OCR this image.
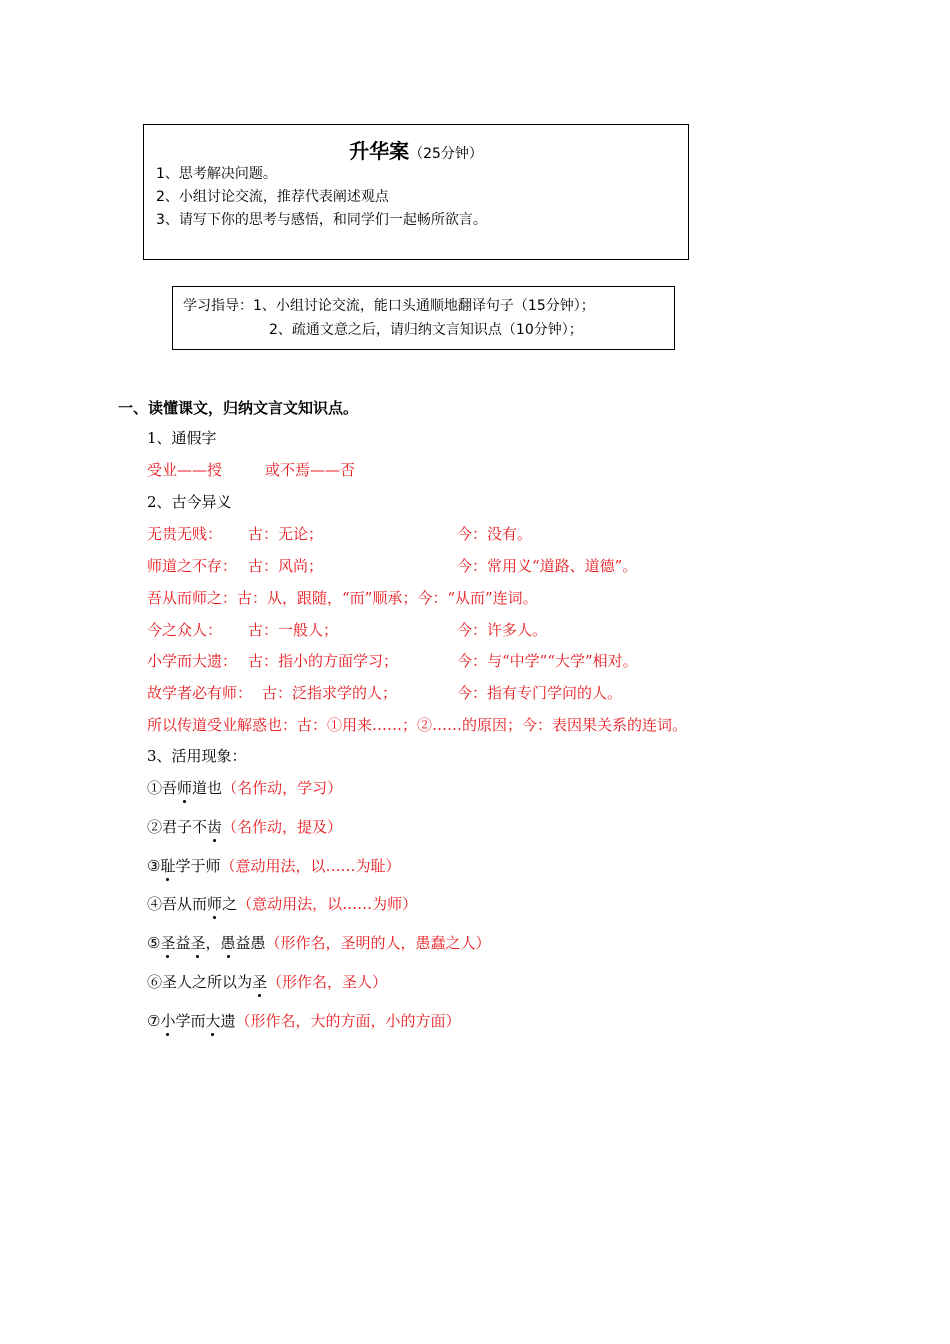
升华案（25分钟）
1、思考解决问题。
2、小组讨论交流，推荐代表阐述观点
3、请写下你的思考与感悟，和同学们一起畅所欲言。
学习指导：1、小组讨论交流，能口头通顺地翻译句子（15分钟）；
2、疏通文意之后，请归纳文言知识点（10分钟）；
一、读懂课文，归纳文言文知识点。
1、通假字
受业——授	或不焉——否
2、古今异义
无贵无贱： 古：无论；	今：没有。
师道之不存： 古：风尚；	今：常用义“道路、道德”。
吾从而师之：古：从，跟随，“而”顺承；今：“从而”连词。
今之众人： 古：一般人；	今：许多人。
小学而大遗： 古：指小的方面学习；	今：与“中学”“大学”相对。
故学者必有师： 古：泛指求学的人；	今：指有专门学问的人。
所以传道受业解惑也：古：①用来……；②……的原因；今：表因果关系的连词。
3、活用现象：
①吾师道也（名作动，学习）
②君子不齿（名作动，提及）
③耻学于师（意动用法，以……为耻）
④吾从而师之（意动用法，以……为师）
⑤圣益圣，愚益愚（形作名，圣明的人，愚蠢之人）
⑥圣人之所以为圣（形作名，圣人）
⑦小学而大遗（形作名，大的方面，小的方面）
